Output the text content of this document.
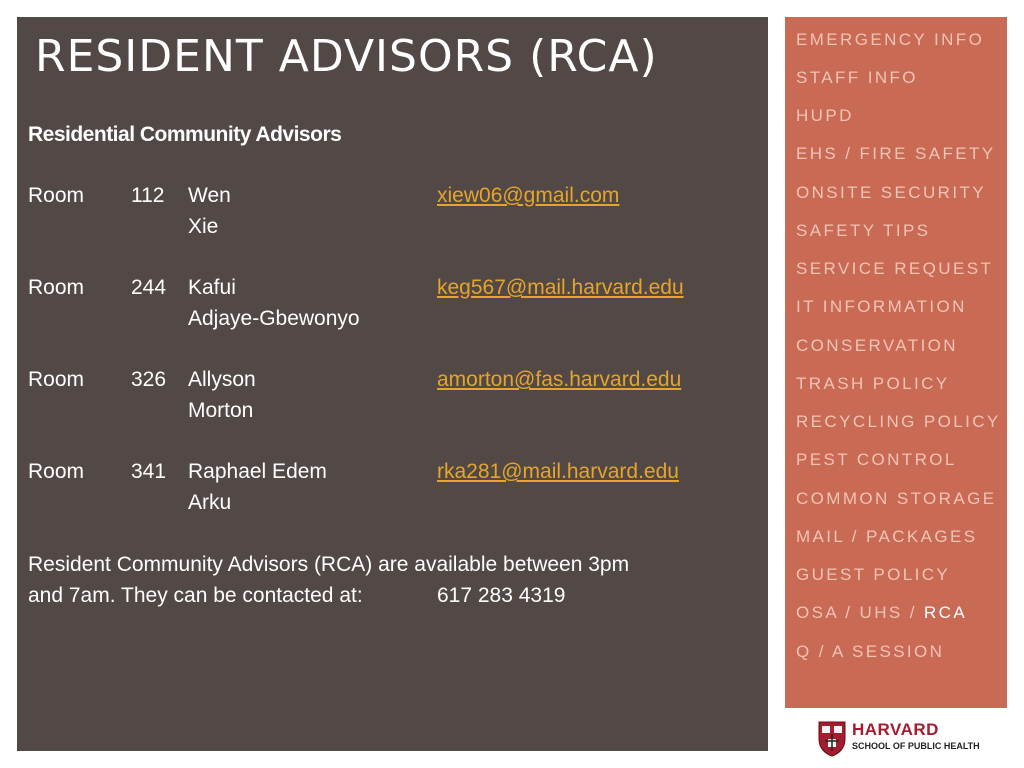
RESIDENT ADVISORS (RCA)
Residential Community Advisors
Room 112 Wen
Xie
xiew06@gmail.com
Room 244 Kafui
Adjaye-Gbewonyo
keg567@mail.harvard.edu
Room 326 Allyson
Morton
amorton@fas.harvard.edu
Room 341 Raphael Edem
Arku
rka281@mail.harvard.edu
Resident Community Advisors (RCA) are available between 3pm
and 7am. They can be contacted at:	617 283 4319
EMERGENCY INFO
STAFF INFO
HUPD
EHS / FIRE SAFETY
ONSITE SECURITY
SAFETY TIPS
SERVICE REQUEST
IT INFORMATION
CONSERVATION
TRASH POLICY
RECYCLING POLICY
PEST CONTROL
COMMON STORAGE
MAIL / PACKAGES
GUEST POLICY
OSA / UHS / RCA
Q / A SESSION
HARVARD
SCHOOL OF PUBLIC HEALTH
